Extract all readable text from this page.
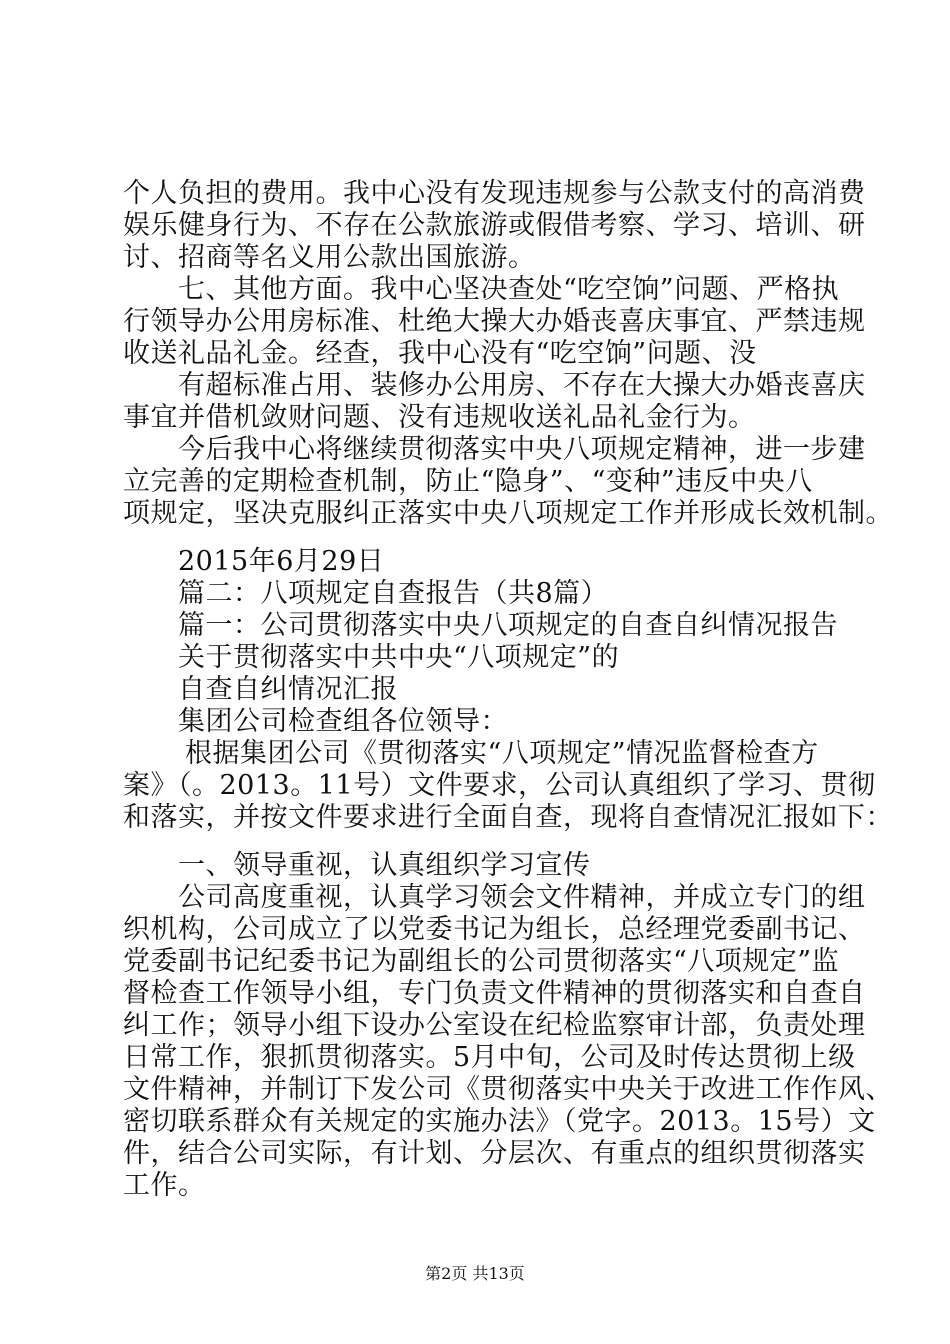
个人负担的费用。我中心没有发现违规参与公款支付的高消费
娱乐健身行为、不存在公款旅游或假借考察、学习、培训、研
讨、招商等名义用公款出国旅游。
七、其他方面。我中心坚决查处“吃空饷”问题、严格执
行领导办公用房标准、杜绝大操大办婚丧喜庆事宜、严禁违规
收送礼品礼金。经查，我中心没有“吃空饷”问题、没
有超标准占用、装修办公用房、不存在大操大办婚丧喜庆
事宜并借机敛财问题、没有违规收送礼品礼金行为。
今后我中心将继续贯彻落实中央八项规定精神，进一步建
立完善的定期检查机制，防止“隐身”、“变种”违反中央八
项规定，坚决克服纠正落实中央八项规定工作并形成长效机制。
2015年6月29日
篇二：八项规定自查报告（共8篇）
篇一：公司贯彻落实中央八项规定的自查自纠情况报告
关于贯彻落实中共中央“八项规定”的
自查自纠情况汇报
集团公司检查组各位领导：
根据集团公司《贯彻落实“八项规定”情况监督检查方
案》（。2013。11号）文件要求，公司认真组织了学习、贯彻
和落实，并按文件要求进行全面自查，现将自查情况汇报如下：
一、领导重视，认真组织学习宣传
公司高度重视，认真学习领会文件精神，并成立专门的组
织机构，公司成立了以党委书记为组长，总经理党委副书记、
党委副书记纪委书记为副组长的公司贯彻落实“八项规定”监
督检查工作领导小组，专门负责文件精神的贯彻落实和自查自
纠工作；领导小组下设办公室设在纪检监察审计部，负责处理
日常工作，狠抓贯彻落实。5月中旬，公司及时传达贯彻上级
文件精神，并制订下发公司《贯彻落实中央关于改进工作作风、
密切联系群众有关规定的实施办法》（党字。2013。15号）文
件，结合公司实际，有计划、分层次、有重点的组织贯彻落实
工作。
第2页 共13页
